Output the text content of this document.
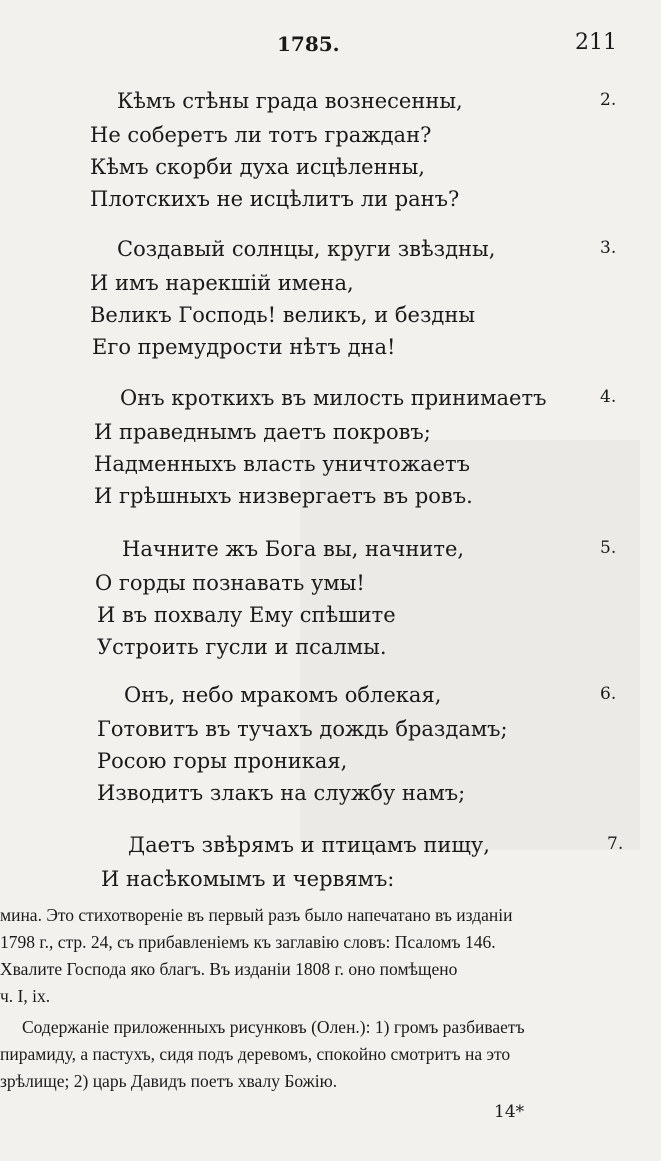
1785.	211
2.
Кѣмъ стѣны града вознесенны,
Не соберетъ ли тотъ граждан?
Кѣмъ скорби духа исцѣленны,
Плотскихъ не исцѣлитъ ли ранъ?
3.
Создавый солнцы, круги звѣздны,
И имъ нарекшій имена,
Великъ Господь! великъ, и бездны
Его премудрости нѣтъ дна!
4.
Онъ кроткихъ въ милость принимаетъ
И праведнымъ даетъ покровъ;
Надменныхъ власть уничтожаетъ
И грѣшныхъ низвергаетъ въ ровъ.
5.
Начните жъ Бога вы, начните,
О горды познавать умы!
И въ похвалу Ему спѣшите
Устроить гусли и псалмы.
6.
Онъ, небо мракомъ облекая,
Готовитъ въ тучахъ дождь браздамъ;
Росою горы проникая,
Изводитъ злакъ на службу намъ;
7.
Даетъ звѣрямъ и птицамъ пищу,
И насѣкомымъ и червямъ:

мина. Это стихотвореніе въ первый разъ было напечатано въ изданіи

1798 г., стр. 24, съ прибавленіемъ къ заглавію словъ: Псаломъ 146.

Хвалите Господа яко благъ. Въ изданіи 1808 г. оно помѣщено

ч. I, ix.

Содержаніе приложенныхъ рисунковъ (Олен.): 1) громъ разбиваетъ

пирамиду, а пастухъ, сидя подъ деревомъ, спокойно смотритъ на это

зрѣлище; 2) царь Давидъ поетъ хвалу Божію.

14*
